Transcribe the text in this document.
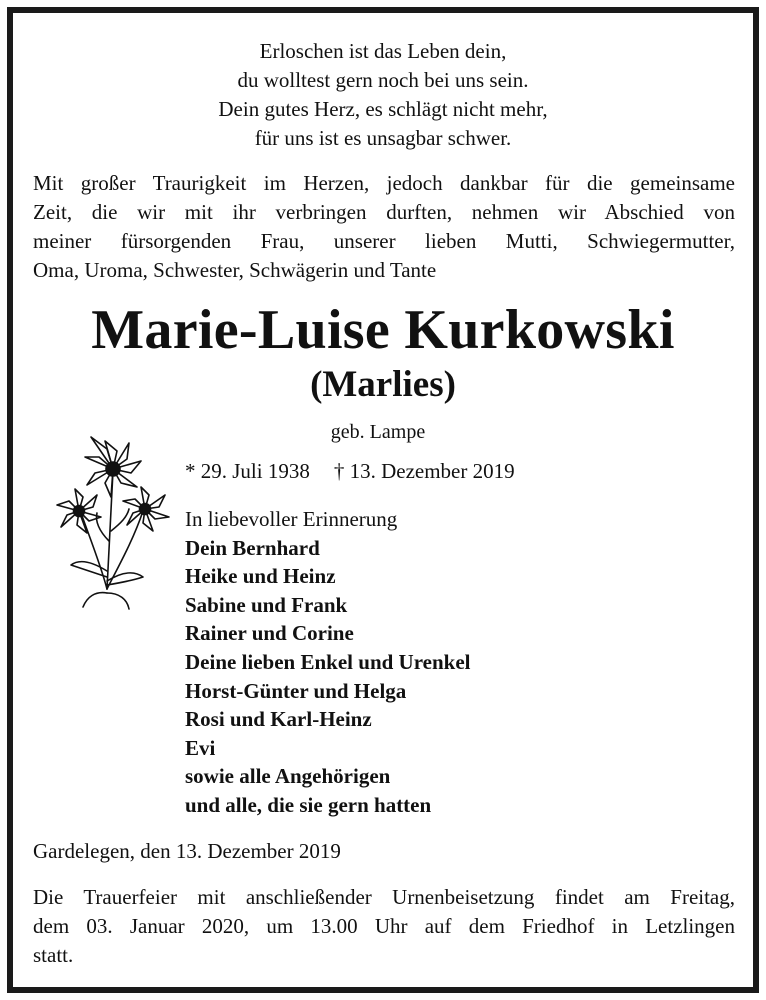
Erloschen ist das Leben dein,
du wolltest gern noch bei uns sein.
Dein gutes Herz, es schlägt nicht mehr,
für uns ist es unsagbar schwer.
Mit großer Traurigkeit im Herzen, jedoch dankbar für die gemeinsame
Zeit, die wir mit ihr verbringen durften, nehmen wir Abschied von
meiner fürsorgenden Frau, unserer lieben Mutti, Schwiegermutter,
Oma, Uroma, Schwester, Schwägerin und Tante
Marie-Luise Kurkowski
(Marlies)
geb. Lampe
* 29. Juli 1938 † 13. Dezember 2019
In liebevoller Erinnerung
Dein Bernhard
Heike und Heinz
Sabine und Frank
Rainer und Corine
Deine lieben Enkel und Urenkel
Horst-Günter und Helga
Rosi und Karl-Heinz
Evi
sowie alle Angehörigen
und alle, die sie gern hatten
Gardelegen, den 13. Dezember 2019
Die Trauerfeier mit anschließender Urnenbeisetzung findet am Freitag,
dem 03. Januar 2020, um 13.00 Uhr auf dem Friedhof in Letzlingen
statt.
